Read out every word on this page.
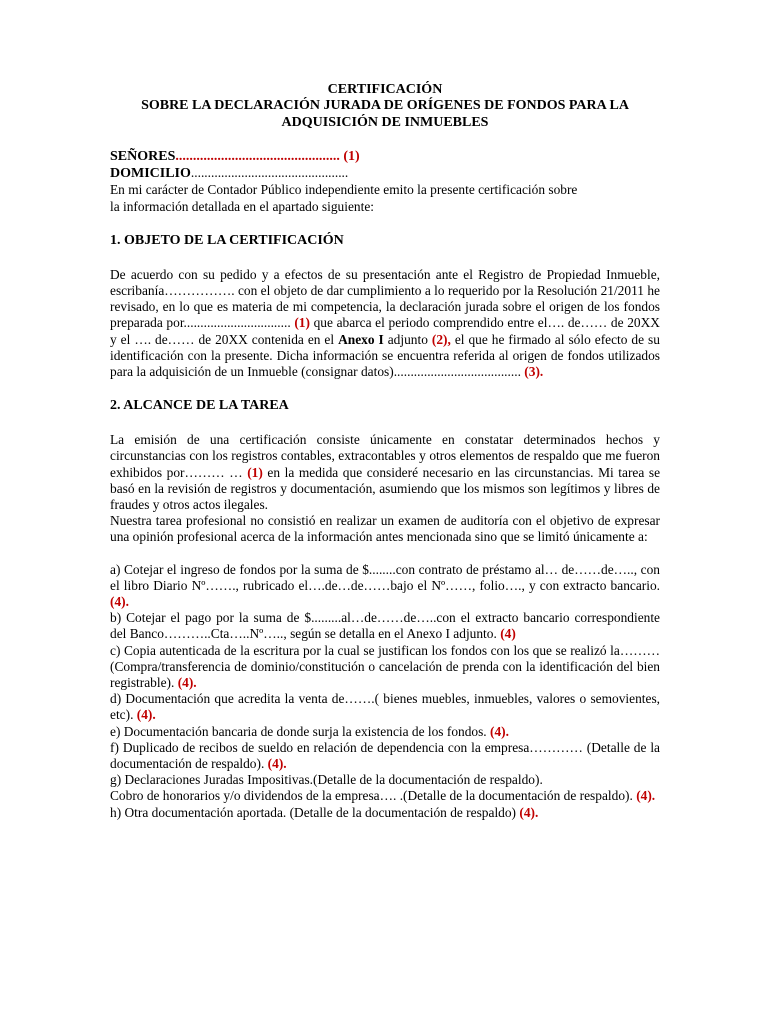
CERTIFICACIÓN
SOBRE LA DECLARACIÓN JURADA DE ORÍGENES DE FONDOS PARA LA
ADQUISICIÓN DE INMUEBLES
SEÑORES............................................... (1)
DOMICILIO...............................................

En mi carácter de Contador Público independiente emito la presente certificación sobre

la información detallada en el apartado siguiente:

1. OBJETO DE LA CERTIFICACIÓN

De acuerdo con su pedido y a efectos de su presentación ante el Registro de Propiedad Inmueble, escribanía……………. con el objeto de dar cumplimiento a lo requerido por la Resolución 21/2011 he revisado, en lo que es materia de mi competencia, la declaración jurada sobre el origen de los fondos preparada por................................ (1) que abarca el periodo comprendido entre el…. de…… de 20XX y el …. de…… de 20XX contenida en el Anexo I adjunto (2), el que he firmado al sólo efecto de su identificación con la presente. Dicha información se encuentra referida al origen de fondos utilizados para la adquisición de un Inmueble (consignar datos)...................................... (3).

2. ALCANCE DE LA TAREA

La emisión de una certificación consiste únicamente en constatar determinados hechos y circunstancias con los registros contables, extracontables y otros elementos de respaldo que me fueron exhibidos por……… … (1) en la medida que consideré necesario en las circunstancias. Mi tarea se basó en la revisión de registros y documentación, asumiendo que los mismos son legítimos y libres de fraudes y otros actos ilegales.

Nuestra tarea profesional no consistió en realizar un examen de auditoría con el objetivo de expresar una opinión profesional acerca de la información antes mencionada sino que se limitó únicamente a:

a) Cotejar el ingreso de fondos por la suma de $........con contrato de préstamo al… de……de….., con el libro Diario Nº……., rubricado el….de…de……bajo el Nº……, folio…., y con extracto bancario. (4).

b) Cotejar el pago por la suma de $.........al…de……de…..con el extracto bancario correspondiente del Banco………..Cta…..Nº….., según se detalla en el Anexo I adjunto. (4)

c) Copia autenticada de la escritura por la cual se justifican los fondos con los que se realizó la……… (Compra/transferencia de dominio/constitución o cancelación de prenda con la identificación del bien registrable). (4).

d) Documentación que acredita la venta de…….( bienes muebles, inmuebles, valores o semovientes, etc). (4).

e) Documentación bancaria de donde surja la existencia de los fondos. (4).

f) Duplicado de recibos de sueldo en relación de dependencia con la empresa………… (Detalle de la documentación de respaldo). (4).

g) Declaraciones Juradas Impositivas.(Detalle de la documentación de respaldo).

Cobro de honorarios y/o dividendos de la empresa…. .(Detalle de la documentación de respaldo). (4).

h) Otra documentación aportada. (Detalle de la documentación de respaldo) (4).
